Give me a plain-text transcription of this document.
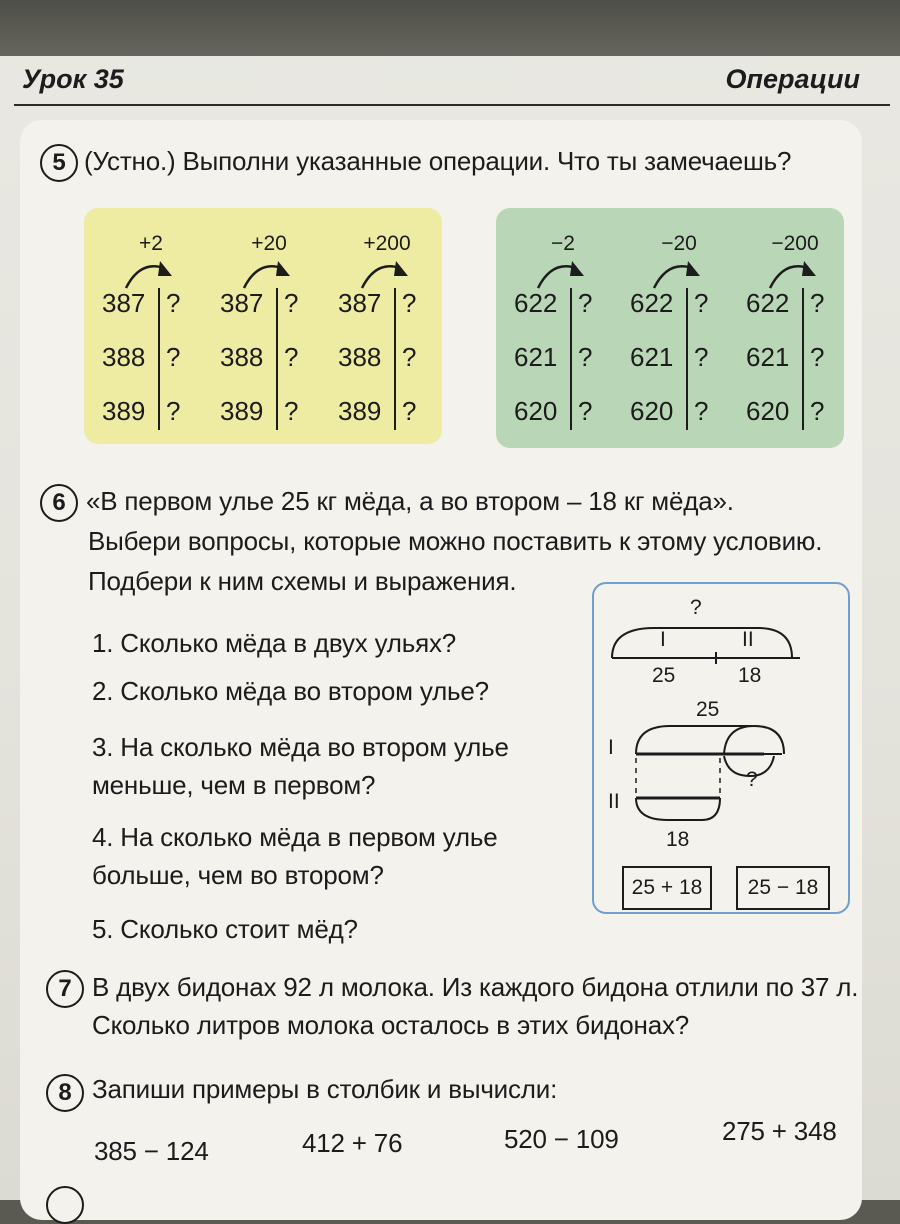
Урок 35	Операции
5 (Устно.) Выполни указанные операции. Что ты замечаешь?
+2
387 ?
388 ?
389 ?
+20
387 ?
388 ?
389 ?
+200
387 ?
388 ?
389 ?
−2
622 ?
621 ?
620 ?
−20
622 ?
621 ?
620 ?
−200
622 ?
621 ?
620 ?
6 «В первом улье 25 кг мёда, а во втором – 18 кг мёда».
Выбери вопросы, которые можно поставить к этому условию.
Подбери к ним схемы и выражения.
1. Сколько мёда в двух ульях?
2. Сколько мёда во втором улье?
3. На сколько мёда во втором улье
меньше, чем в первом?
4. На сколько мёда в первом улье
больше, чем во втором?
5. Сколько стоит мёд?
?
I	II
25	18
25
I
?
II
18
25 + 18	25 − 18
7 В двух бидонах 92 л молока. Из каждого бидона отлили по 37 л.
Сколько литров молока осталось в этих бидонах?
8 Запиши примеры в столбик и вычисли:
385 − 124	412 + 76	520 − 109	275 + 348
